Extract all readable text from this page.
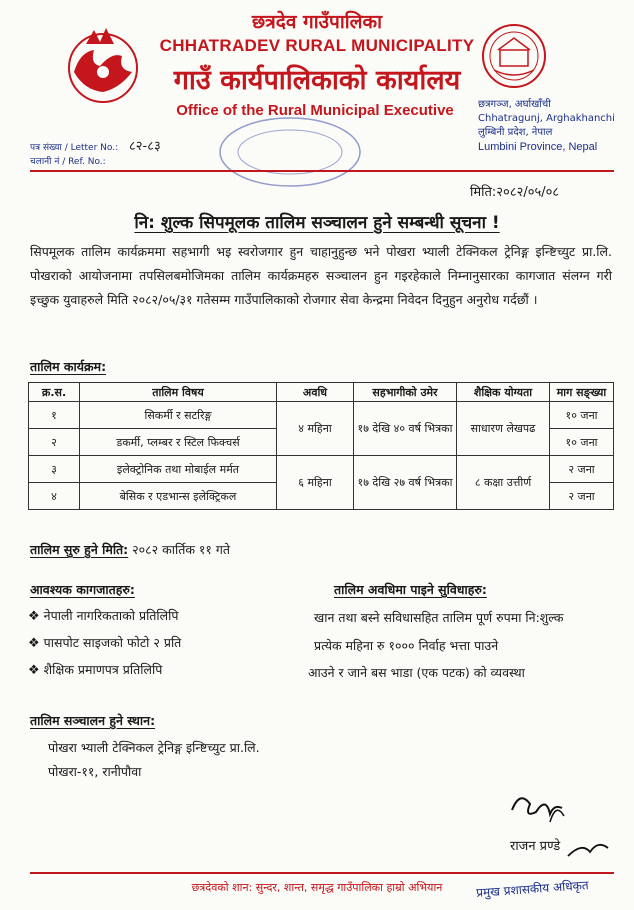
छत्रदेव गाउँपालिका
CHHATRADEV RURAL MUNICIPALITY
गाउँ कार्यपालिकाको कार्यालय
Office of the Rural Municipal Executive	छत्रगञ्ज, अर्घाखाँची
Chhatragunj, Arghakhanchi
लुम्बिनी प्रदेश, नेपाल
Lumbini Province, Nepal
पत्र संख्या / Letter No.: ८२-८३
चलानी नं / Ref. No.:
मिति:२०८२/०५/०८
नि: शुल्क सिपमूलक तालिम सञ्चालन हुने सम्बन्धी सूचना !
सिपमूलक तालिम कार्यक्रममा सहभागी भइ स्वरोजगार हुन चाहानुहुन्छ भने पोखरा भ्याली टेक्निकल ट्रेनिङ्ग इन्ष्टिच्युट प्रा.लि. पोखराको आयोजनामा तपसिलबमोजिमका तालिम कार्यक्रमहरु सञ्चालन हुन गइरहेकाले निम्नानुसारका कागजात संलग्न गरी इच्छुक युवाहरुले मिति २०८२/०५/३१ गतेसम्म गाउँपालिकाको रोजगार सेवा केन्द्रमा निवेदन दिनुहुन अनुरोध गर्दछौं ।
तालिम कार्यक्रम:
क्र.स.	तालिम विषय	अवधि	सहभागीको उमेर	शैक्षिक योग्यता	माग सङ्ख्या
१	सिकर्मी र सटरिङ्ग	४ महिना	१७ देखि ४० वर्ष भित्रका	साधारण लेखपढ	१० जना
२	डकर्मी, प्लम्बर र स्टिल फिक्चर्स				१० जना
३	इलेक्ट्रोनिक तथा मोबाईल मर्मत	६ महिना	१७ देखि २७ वर्ष भित्रका	८ कक्षा उत्तीर्ण	२ जना
४	बेसिक र एडभान्स इलेक्ट्रिकल				२ जना
तालिम सुरु हुने मिति: २०८२ कार्तिक ११ गते
आवश्यक कागजातहरु:
❖ नेपाली नागरिकताको प्रतिलिपि
❖ पासपोट साइजको फोटो २ प्रति
❖ शैक्षिक प्रमाणपत्र प्रतिलिपि
तालिम अवधिमा पाइने सुविधाहरु:
खान तथा बस्ने सविधासहित तालिम पूर्ण रुपमा नि:शुल्क
प्रत्येक महिना रु १००० निर्वाह भत्ता पाउने
आउने र जाने बस भाडा (एक पटक) को व्यवस्था
तालिम सञ्चालन हुने स्थान:
पोखरा भ्याली टेक्निकल ट्रेनिङ्ग इन्ष्टिच्युट प्रा.लि.
पोखरा-११, रानीपौवा
राजन प्रण्डे
छत्रदेवको शान: सुन्दर, शान्त, समृद्ध गाउँपालिका हाम्रो अभियान	प्रमुख प्रशासकीय अधिकृत
